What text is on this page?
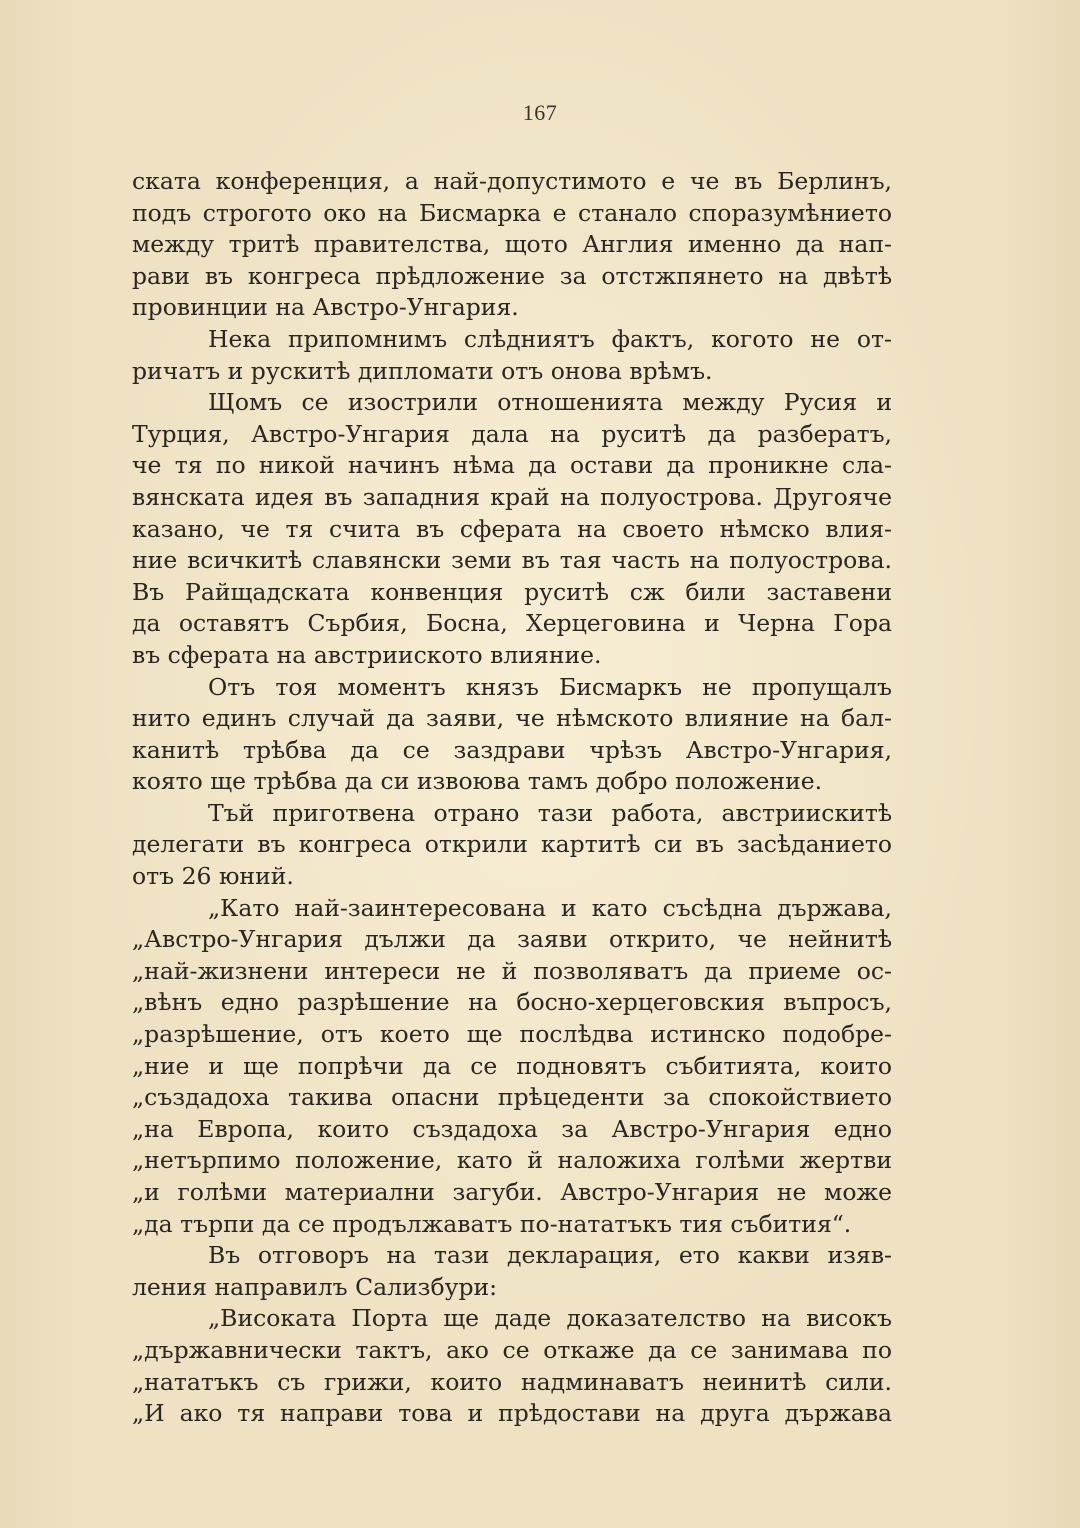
167
ската конференция, а най-допустимото е че въ Берлинъ,
подъ строгото око на Бисмарка е станало споразумѣнието
между тритѣ правителства, щото Англия именно да нап-
рави въ конгреса прѣдложение за отстжпянето на двѣтѣ
провинции на Австро-Унгария.
Нека припомнимъ слѣдниятъ фактъ, когото не от-
ричатъ и рускитѣ дипломати отъ онова врѣмъ.
Щомъ се изострили отношенията между Русия и
Турция, Австро-Унгария дала на руситѣ да разбератъ,
че тя по никой начинъ нѣма да остави да проникне сла-
вянската идея въ западния край на полуострова. Другояче
казано, че тя счита въ сферата на своето нѣмско влия-
ние всичкитѣ славянски земи въ тая часть на полуострова.
Въ Райщадската конвенция руситѣ сж били заставени
да оставятъ Сърбия, Босна, Херцеговина и Черна Гора
въ сферата на австрииското влияние.
Отъ тоя моментъ князъ Бисмаркъ не пропущалъ
нито единъ случай да заяви, че нѣмското влияние на бал-
канитѣ трѣбва да се заздрави чрѣзъ Австро-Унгария,
която ще трѣбва да си извоюва тамъ добро положение.
Тъй приготвена отрано тази работа, австриискитѣ
делегати въ конгреса открили картитѣ си въ засѣданието
отъ 26 юний.
„Като най-заинтересована и като съсѣдна държава,
„Австро-Унгария дължи да заяви открито, че нейнитѣ
„най-жизнени интереси не й позволяватъ да приеме ос-
„вѣнъ едно разрѣшение на босно-херцеговския въпросъ,
„разрѣшение, отъ което ще послѣдва истинско подобре-
„ние и ще попрѣчи да се подновятъ събитията, които
„създадоха такива опасни прѣцеденти за спокойствието
„на Европа, които създадоха за Австро-Унгария едно
„нетърпимо положение, като й наложиха голѣми жертви
„и голѣми материални загуби. Австро-Унгария не може
„да търпи да се продължаватъ по-нататъкъ тия събития“.
Въ отговоръ на тази декларация, ето какви изяв-
ления направилъ Сализбури:
„Високата Порта ще даде доказателство на високъ
„държавнически тактъ, ако се откаже да се занимава по
„нататъкъ съ грижи, които надминаватъ неинитѣ сили.
„И ако тя направи това и прѣдостави на друга държава
